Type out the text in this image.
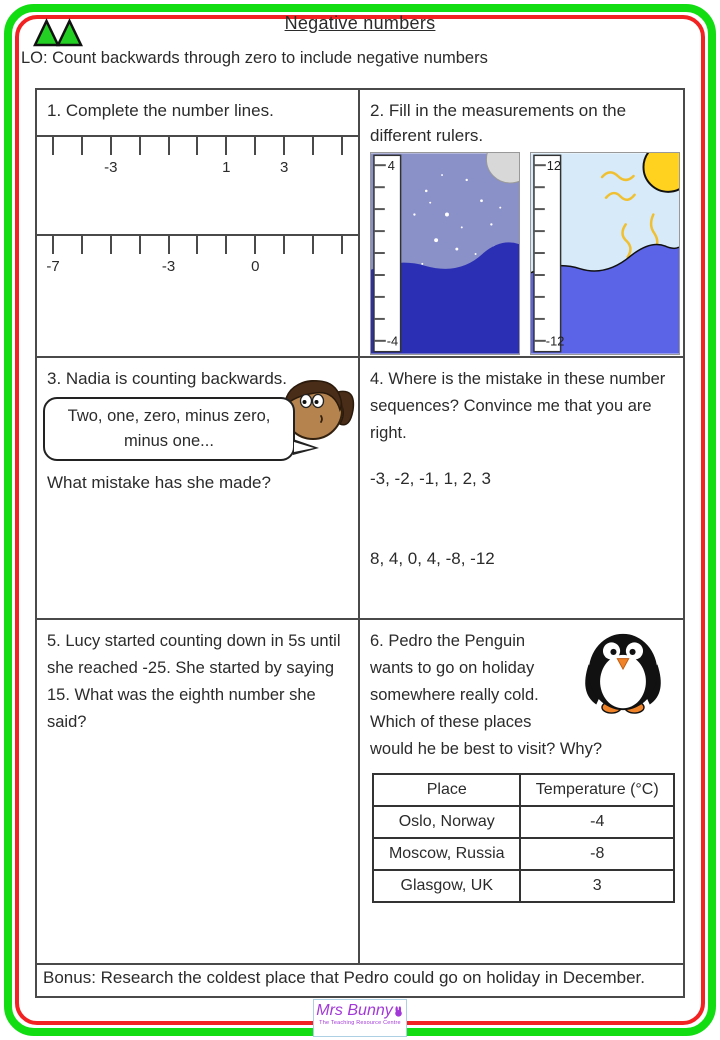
Negative numbers
LO: Count backwards through zero to include negative numbers
1. Complete the number lines.
-3	1	3
-7	-3	0
2. Fill in the measurements on the different rulers.
4
-4
12
-12
3. Nadia is counting backwards.
Two, one, zero, minus zero,
minus one...
What mistake has she made?
4. Where is the mistake in these number sequences? Convince me that you are right.
-3, -2, -1, 1, 2, 3
8, 4, 0, 4, -8, -12
5. Lucy started counting down in 5s until she reached -25. She started by saying 15. What was the eighth number she said?
6. Pedro the Penguin wants to go on holiday somewhere really cold. Which of these places would he be best to visit? Why?
Place	Temperature (°C)
Oslo, Norway	-4
Moscow, Russia	-8
Glasgow, UK	3
Bonus: Research the coldest place that Pedro could go on holiday in December.
Mrs Bunny
The Teaching Resource Centre
